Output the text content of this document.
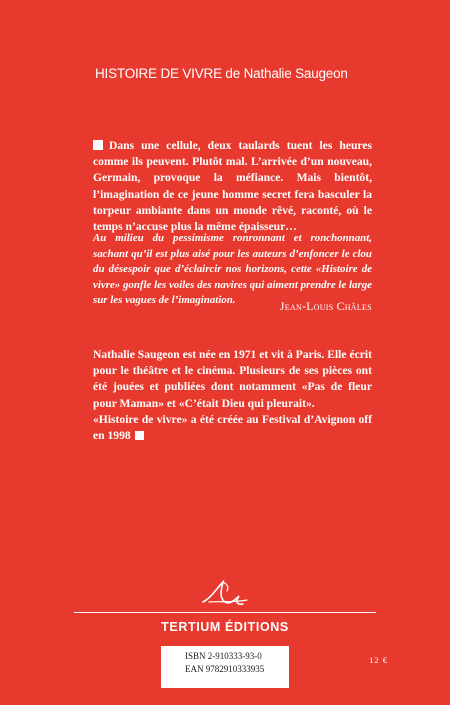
HISTOIRE DE VIVRE de Nathalie Saugeon
Dans une cellule, deux taulards tuent les heures comme ils peuvent. Plutôt mal. L’arrivée d’un nouveau, Germain, provoque la méfiance. Mais bientôt, l’imagination de ce jeune homme secret fera basculer la torpeur ambiante dans un monde rêvé, raconté, où le temps n’accuse plus la même épaisseur…
Au milieu du pessimisme ronronnant et ronchonnant, sachant qu’il est plus aisé pour les auteurs d’enfoncer le clou du désespoir que d’éclaircir nos horizons, cette «Histoire de vivre» gonfle les voiles des navires qui aiment prendre le large sur les vagues de l’imagination.	Jean-Louis Châles

Nathalie Saugeon est née en 1971 et vit à Paris. Elle écrit pour le théâtre et le cinéma. Plusieurs de ses pièces ont été jouées et publiées dont notamment «Pas de fleur pour Maman» et «C’était Dieu qui pleurait».

«Histoire de vivre» a été créée au Festival d’Avignon off en 1998

TERTIUM ÉDITIONS
ISBN 2-910333-93-0
EAN 9782910333935
12 €
